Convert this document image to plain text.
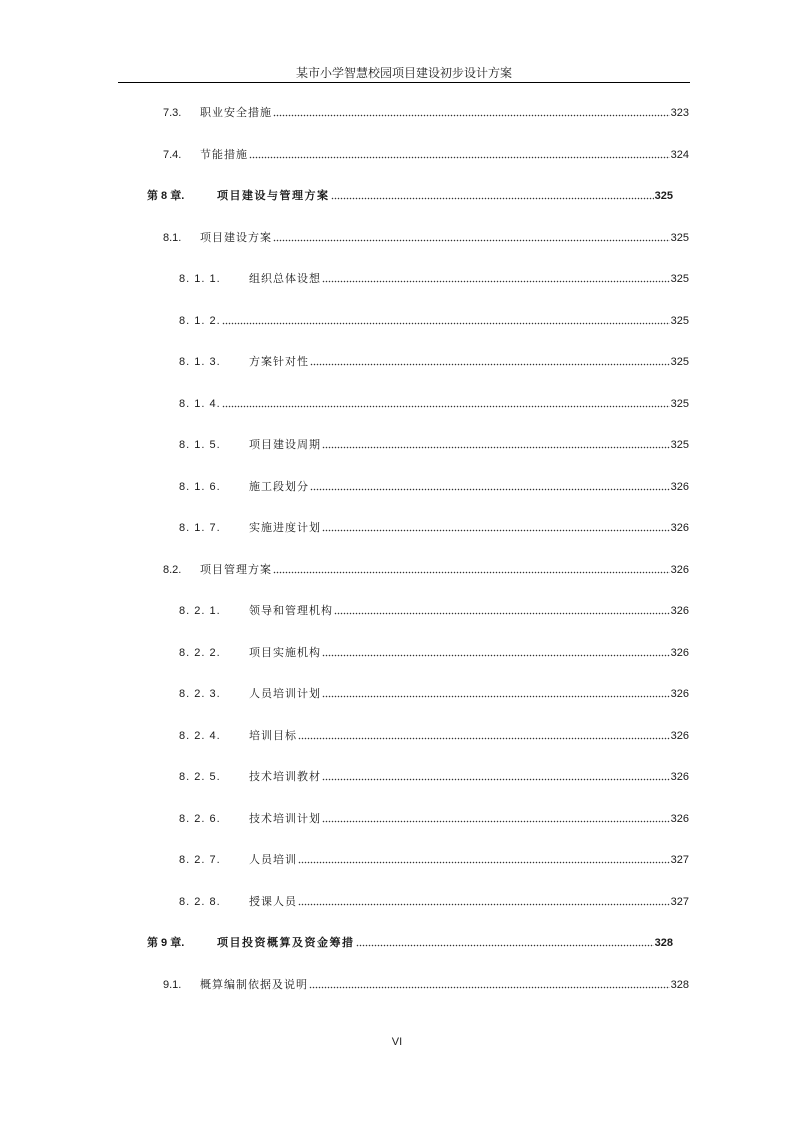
某市小学智慧校园项目建设初步设计方案
7.3.	职业安全措施	323
7.4.	节能措施	324
第 8 章.	项目建设与管理方案	325
8.1.	项目建设方案	325
8. 1. 1.	组织总体设想	325
8. 1. 2.	325
8. 1. 3.	方案针对性	325
8. 1. 4.	325
8. 1. 5.	项目建设周期	325
8. 1. 6.	施工段划分	326
8. 1. 7.	实施进度计划	326
8.2.	项目管理方案	326
8. 2. 1.	领导和管理机构	326
8. 2. 2.	项目实施机构	326
8. 2. 3.	人员培训计划	326
8. 2. 4.	培训目标	326
8. 2. 5.	技术培训教材	326
8. 2. 6.	技术培训计划	326
8. 2. 7.	人员培训	327
8. 2. 8.	授课人员	327
第 9 章.	项目投资概算及资金筹措	328
9.1.	概算编制依据及说明	328
VI
